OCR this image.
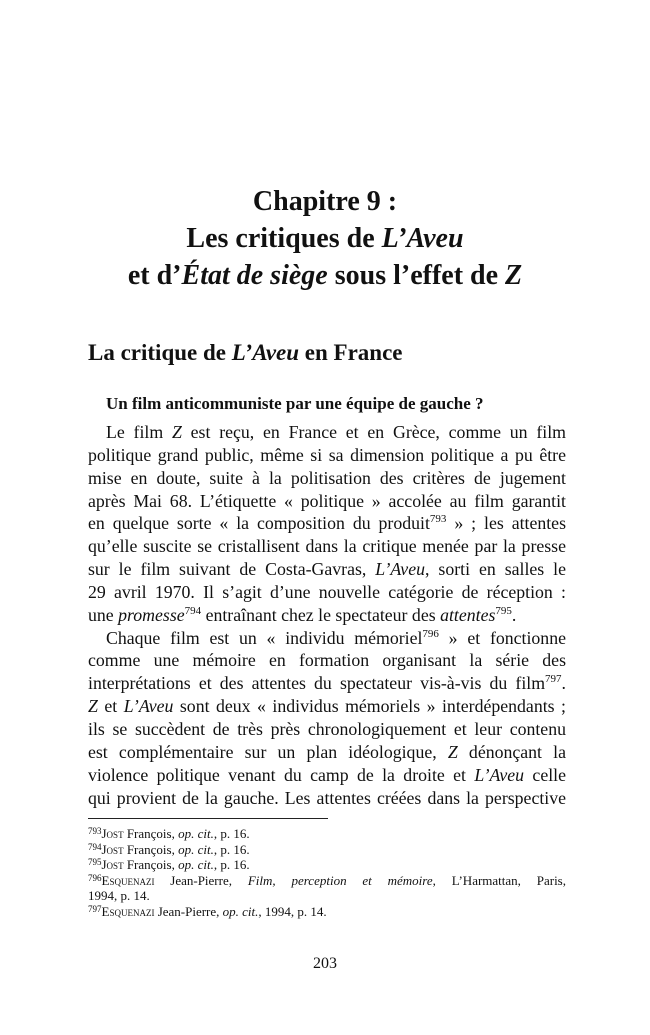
Chapitre 9 :
Les critiques de L’Aveu
et d’État de siège sous l’effet de Z
La critique de L’Aveu en France
Un film anticommuniste par une équipe de gauche ?
Le film Z est reçu, en France et en Grèce, comme un film
politique grand public, même si sa dimension politique a pu être
mise en doute, suite à la politisation des critères de jugement
après Mai 68. L’étiquette « politique » accolée au film garantit
en quelque sorte « la composition du produit$^{793}$ » ; les attentes
qu’elle suscite se cristallisent dans la critique menée par la presse
sur le film suivant de Costa-Gavras, L’Aveu, sorti en salles le
29 avril 1970. Il s’agit d’une nouvelle catégorie de réception :
une promesse$^{794}$ entraînant chez le spectateur des attentes$^{795}$.
Chaque film est un « individu mémoriel$^{796}$ » et fonctionne
comme une mémoire en formation organisant la série des
interprétations et des attentes du spectateur vis-à-vis du film$^{797}$.
Z et L’Aveu sont deux « individus mémoriels » interdépendants ;
ils se succèdent de très près chronologiquement et leur contenu
est complémentaire sur un plan idéologique, Z dénonçant la
violence politique venant du camp de la droite et L’Aveu celle
qui provient de la gauche. Les attentes créées dans la perspective
$^{793}$Jost François, op. cit., p. 16.
$^{794}$Jost François, op. cit., p. 16.
$^{795}$Jost François, op. cit., p. 16.
$^{796}$Esquenazi Jean-Pierre, Film, perception et mémoire, L’Harmattan, Paris,
1994, p. 14.
$^{797}$Esquenazi Jean-Pierre, op. cit., 1994, p. 14.
203
